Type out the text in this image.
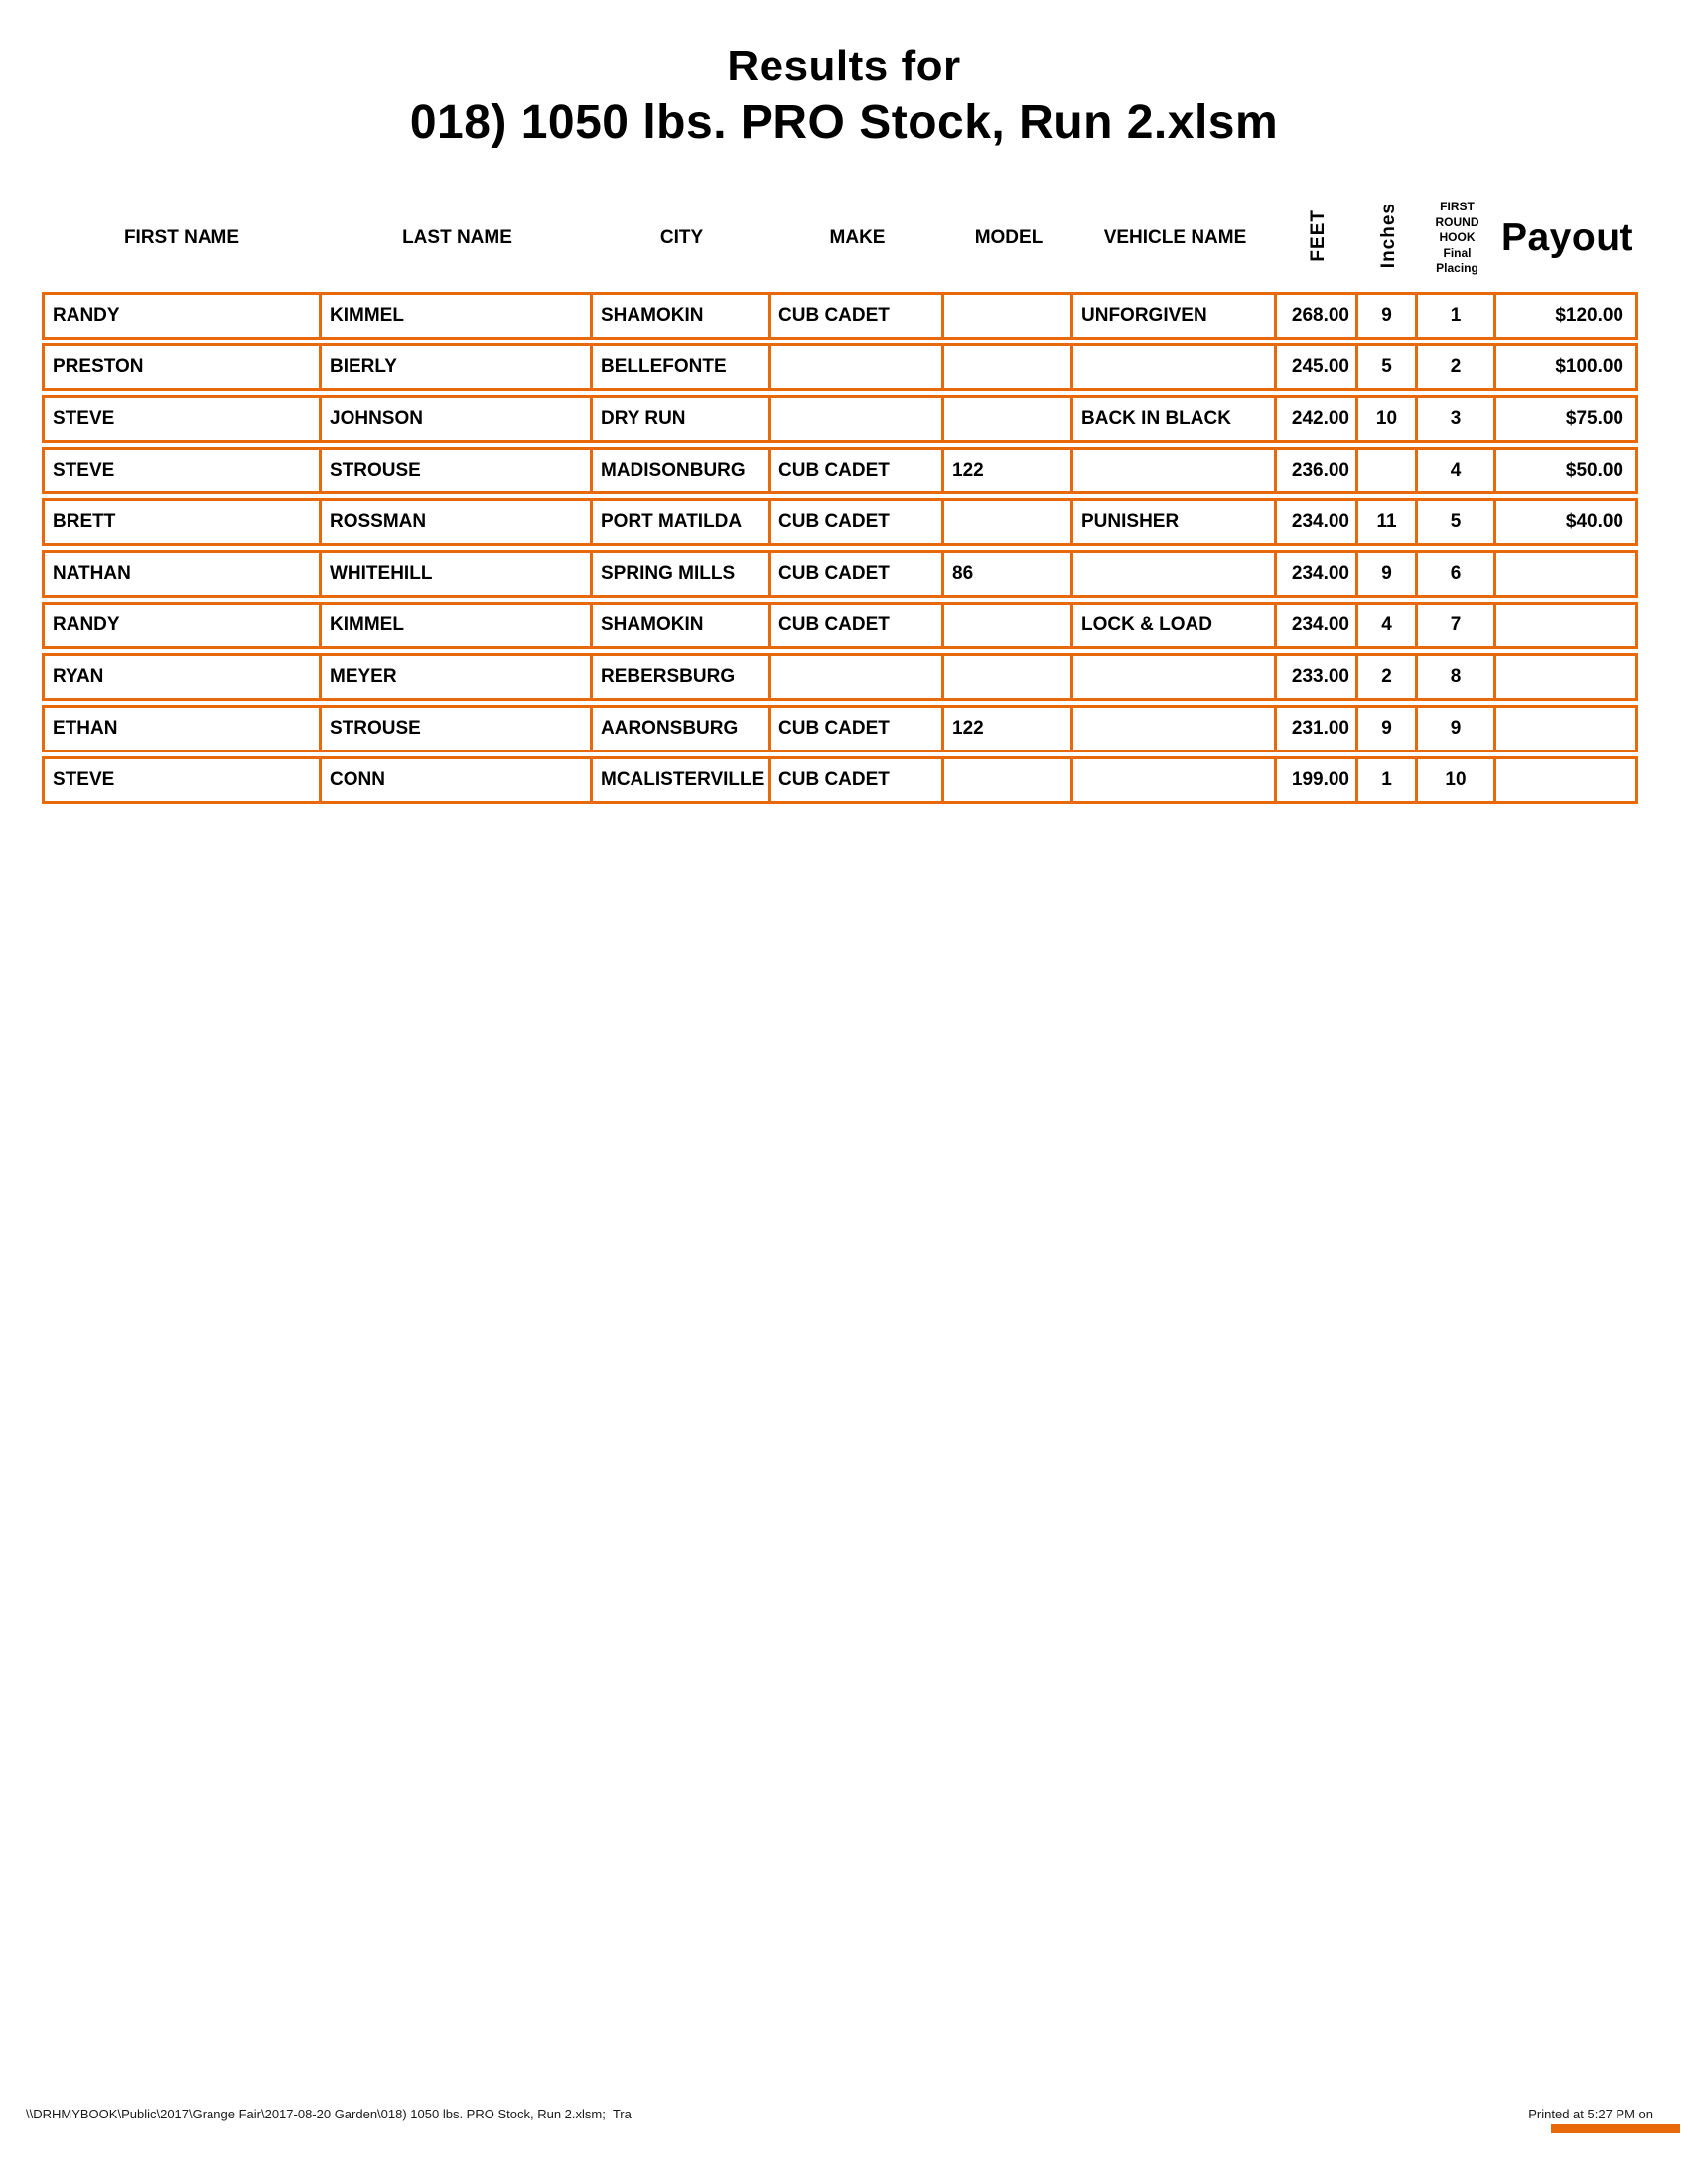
Results for
018) 1050 lbs. PRO Stock, Run 2.xlsm
FIRST NAME	LAST NAME	CITY	MAKE	MODEL	VEHICLE NAME	FEET	Inches	FIRST
ROUND
HOOK
Final
Placing	Payout
RANDY	KIMMEL	SHAMOKIN	CUB CADET		UNFORGIVEN	268.00	9	1	$120.00
PRESTON	BIERLY	BELLEFONTE				245.00	5	2	$100.00
STEVE	JOHNSON	DRY RUN			BACK IN BLACK	242.00	10	3	$75.00
STEVE	STROUSE	MADISONBURG	CUB CADET	122		236.00		4	$50.00
BRETT	ROSSMAN	PORT MATILDA	CUB CADET		PUNISHER	234.00	11	5	$40.00
NATHAN	WHITEHILL	SPRING MILLS	CUB CADET	86		234.00	9	6	
RANDY	KIMMEL	SHAMOKIN	CUB CADET		LOCK & LOAD	234.00	4	7	
RYAN	MEYER	REBERSBURG				233.00	2	8	
ETHAN	STROUSE	AARONSBURG	CUB CADET	122		231.00	9	9	
STEVE	CONN	MCALISTERVILLE	CUB CADET			199.00	1	10	
\\DRHMYBOOK\Public\2017\Grange Fair\2017-08-20 Garden\018) 1050 lbs. PRO Stock, Run 2.xlsm;  Tra	Printed at 5:27 PM on
